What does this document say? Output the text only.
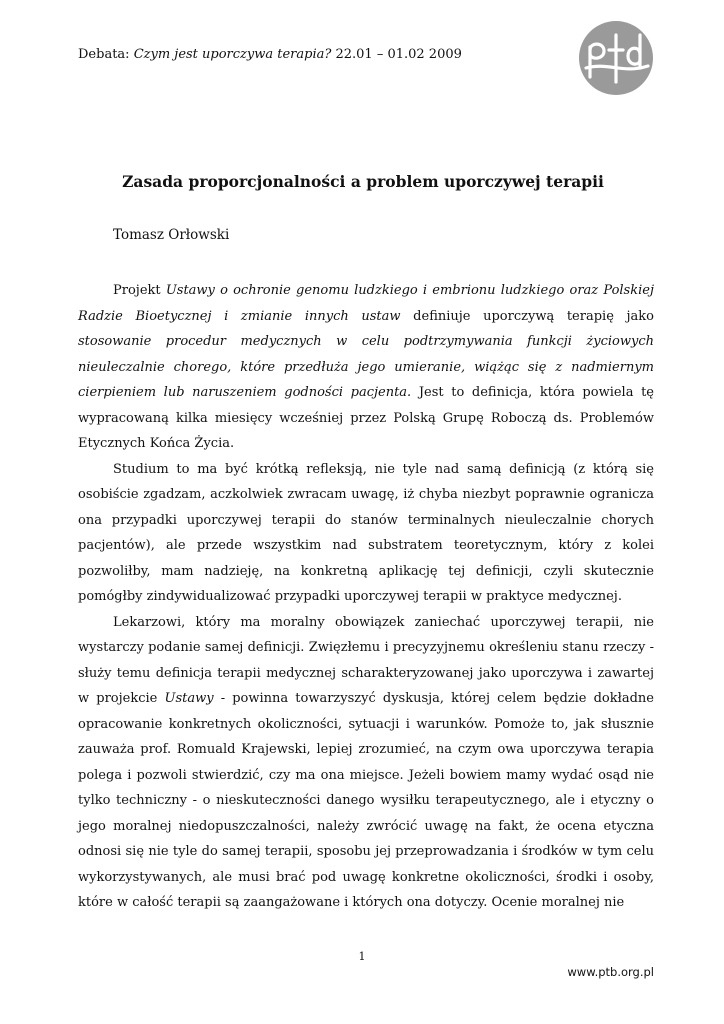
Debata: Czym jest uporczywa terapia? 22.01 – 01.02 2009
Zasada proporcjonalności a problem uporczywej terapii
Tomasz Orłowski

Projekt Ustawy o ochronie genomu ludzkiego i embrionu ludzkiego oraz Polskiej Radzie Bioetycznej i zmianie innych ustaw definiuje uporczywą terapię jako stosowanie procedur medycznych w celu podtrzymywania funkcji życiowych nieuleczalnie chorego, które przedłuża jego umieranie, wiążąc się z nadmiernym cierpieniem lub naruszeniem godności pacjenta. Jest to definicja, która powiela tę wypracowaną kilka miesięcy wcześniej przez Polską Grupę Roboczą ds. Problemów Etycznych Końca Życia.

Studium to ma być krótką refleksją, nie tyle nad samą definicją (z którą się osobiście zgadzam, aczkolwiek zwracam uwagę, iż chyba niezbyt poprawnie ogranicza ona przypadki uporczywej terapii do stanów terminalnych nieuleczalnie chorych pacjentów), ale przede wszystkim nad substratem teoretycznym, który z kolei pozwoliłby, mam nadzieję, na konkretną aplikację tej definicji, czyli skutecznie pomógłby zindywidualizować przypadki uporczywej terapii w praktyce medycznej.

Lekarzowi, który ma moralny obowiązek zaniechać uporczywej terapii, nie wystarczy podanie samej definicji. Zwięzłemu i precyzyjnemu określeniu stanu rzeczy - służy temu definicja terapii medycznej scharakteryzowanej jako uporczywa i zawartej w projekcie Ustawy - powinna towarzyszyć dyskusja, której celem będzie dokładne opracowanie konkretnych okoliczności, sytuacji i warunków. Pomoże to, jak słusznie zauważa prof. Romuald Krajewski, lepiej zrozumieć, na czym owa uporczywa terapia polega i pozwoli stwierdzić, czy ma ona miejsce. Jeżeli bowiem mamy wydać osąd nie tylko techniczny - o nieskuteczności danego wysiłku terapeutycznego, ale i etyczny o jego moralnej niedopuszczalności, należy zwrócić uwagę na fakt, że ocena etyczna odnosi się nie tyle do samej terapii, sposobu jej przeprowadzania i środków w tym celu wykorzystywanych, ale musi brać pod uwagę konkretne okoliczności, środki i osoby, które w całość terapii są zaangażowane i których ona dotyczy. Ocenie moralnej nie

1
www.ptb.org.pl
